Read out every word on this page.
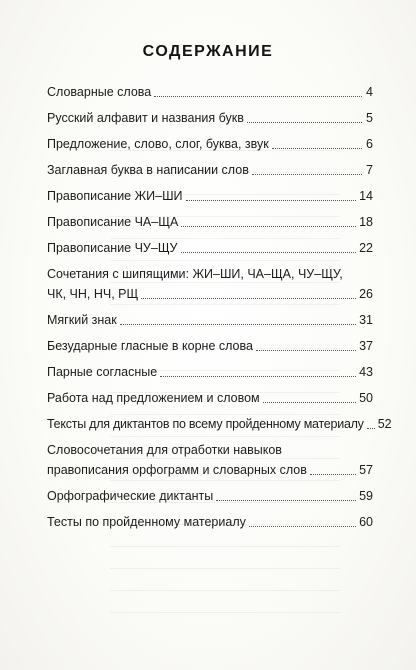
СОДЕРЖАНИЕ
Словарные слова	4
Русский алфавит и названия букв	5
Предложение, слово, слог, буква, звук	6
Заглавная буква в написании слов	7
Правописание ЖИ–ШИ	14
Правописание ЧА–ЩА	18
Правописание ЧУ–ЩУ	22
Сочетания с шипящими: ЖИ–ШИ, ЧА–ЩА, ЧУ–ЩУ,
ЧК, ЧН, НЧ, РЩ	26
Мягкий знак	31
Безударные гласные в корне слова	37
Парные согласные	43
Работа над предложением и словом	50
Тексты для диктантов по всему пройденному материалу 52
Словосочетания для отработки навыков
правописания орфограмм и словарных слов	57
Орфографические диктанты	59
Тесты по пройденному материалу	60
